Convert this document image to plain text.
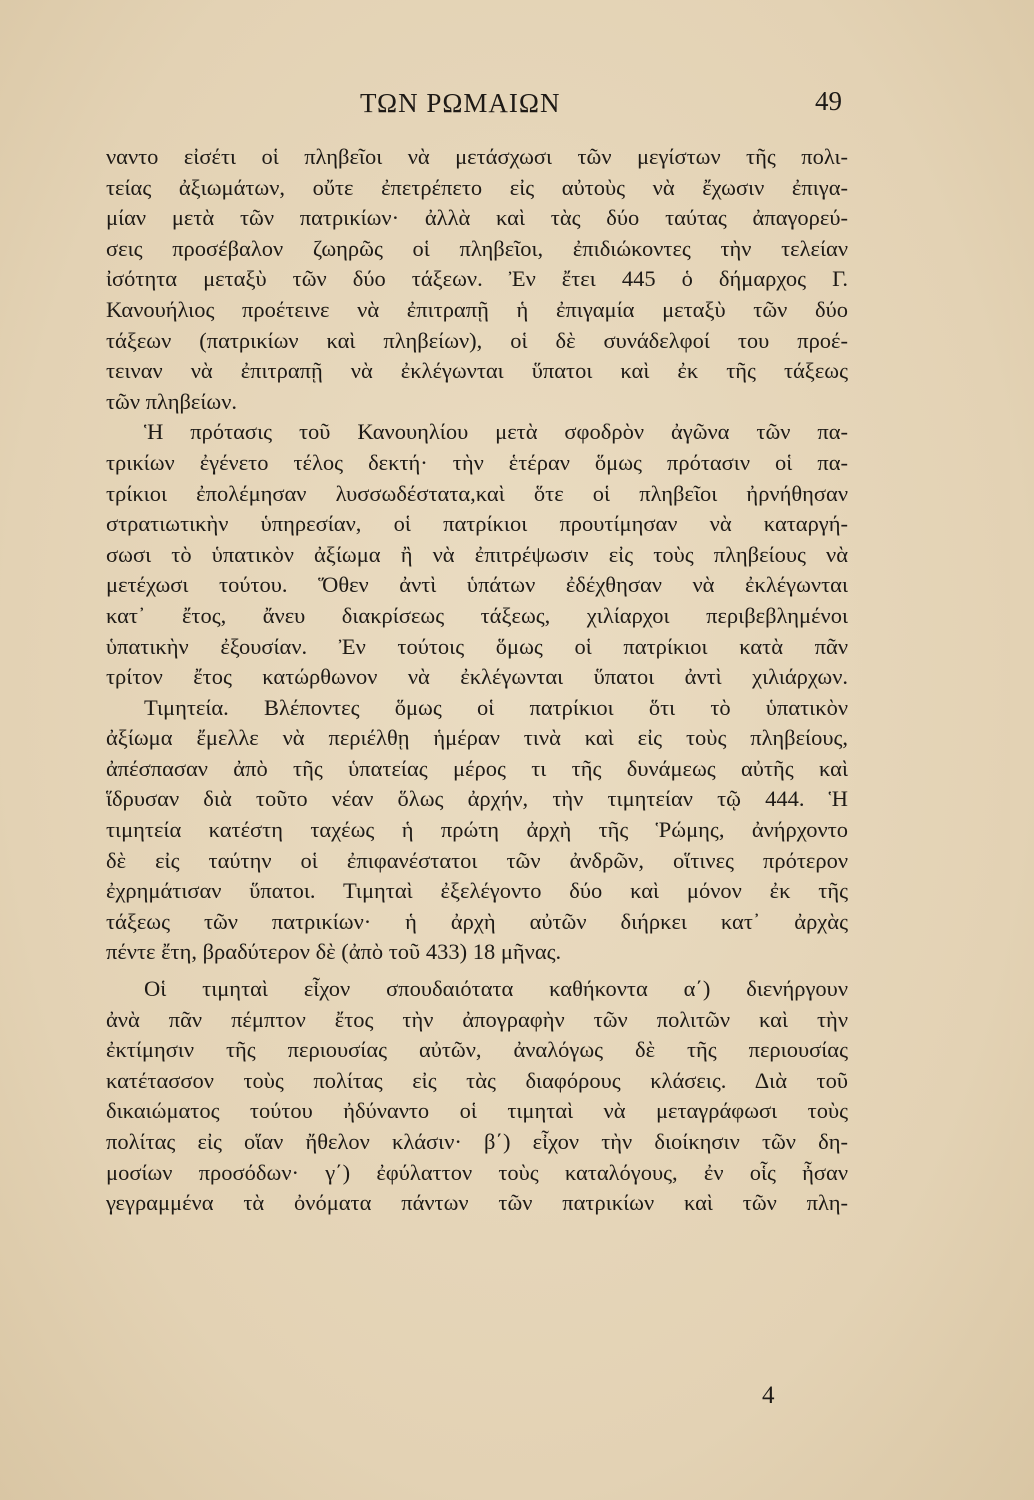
ΤΩΝ ΡΩΜΑΙΩΝ	49
ναντο εἰσέτι οἱ πληβεῖοι νὰ μετάσχωσι τῶν μεγίστων τῆς πολι-
τείας ἀξιωμάτων, οὔτε ἐπετρέπετο εἰς αὐτοὺς νὰ ἔχωσιν ἐπιγα-
μίαν μετὰ τῶν πατρικίων· ἀλλὰ καὶ τὰς δύο ταύτας ἀπαγορεύ-
σεις προσέβαλον ζωηρῶς οἱ πληβεῖοι, ἐπιδιώκοντες τὴν τελείαν
ἰσότητα μεταξὺ τῶν δύο τάξεων. Ἐν ἔτει 445 ὁ δήμαρχος Γ.
Κανουήλιος προέτεινε νὰ ἐπιτραπῇ ἡ ἐπιγαμία μεταξὺ τῶν δύο
τάξεων (πατρικίων καὶ πληβείων), οἱ δὲ συνάδελφοί του προέ-
τειναν νὰ ἐπιτραπῇ νὰ ἐκλέγωνται ὕπατοι καὶ ἐκ τῆς τάξεως
τῶν πληβείων.
Ἡ πρότασις τοῦ Κανουηλίου μετὰ σφοδρὸν ἀγῶνα τῶν πα-
τρικίων ἐγένετο τέλος δεκτή· τὴν ἑτέραν ὅμως πρότασιν οἱ πα-
τρίκιοι ἐπολέμησαν λυσσωδέστατα,καὶ ὅτε οἱ πληβεῖοι ἠρνήθησαν
στρατιωτικὴν ὑπηρεσίαν, οἱ πατρίκιοι προυτίμησαν νὰ καταργή-
σωσι τὸ ὑπατικὸν ἀξίωμα ἢ νὰ ἐπιτρέψωσιν εἰς τοὺς πληβείους νὰ
μετέχωσι τούτου. Ὅθεν ἀντὶ ὑπάτων ἐδέχθησαν νὰ ἐκλέγωνται
κατ᾽ ἔτος, ἄνευ διακρίσεως τάξεως, χιλίαρχοι περιβεβλημένοι
ὑπατικὴν ἐξουσίαν. Ἐν τούτοις ὅμως οἱ πατρίκιοι κατὰ πᾶν
τρίτον ἔτος κατώρθωνον νὰ ἐκλέγωνται ὕπατοι ἀντὶ χιλιάρχων.
Τιμητεία. Βλέποντες ὅμως οἱ πατρίκιοι ὅτι τὸ ὑπατικὸν
ἀξίωμα ἔμελλε νὰ περιέλθῃ ἡμέραν τινὰ καὶ εἰς τοὺς πληβείους,
ἀπέσπασαν ἀπὸ τῆς ὑπατείας μέρος τι τῆς δυνάμεως αὐτῆς καὶ
ἵδρυσαν διὰ τοῦτο νέαν ὅλως ἀρχήν, τὴν τιμητείαν τῷ 444. Ἡ
τιμητεία κατέστη ταχέως ἡ πρώτη ἀρχὴ τῆς Ῥώμης, ἀνήρχοντο
δὲ εἰς ταύτην οἱ ἐπιφανέστατοι τῶν ἀνδρῶν, οἵτινες πρότερον
ἐχρημάτισαν ὕπατοι. Τιμηταὶ ἐξελέγοντο δύο καὶ μόνον ἐκ τῆς
τάξεως τῶν πατρικίων· ἡ ἀρχὴ αὐτῶν διήρκει κατ᾽ ἀρχὰς
πέντε ἔτη, βραδύτερον δὲ (ἀπὸ τοῦ 433) 18 μῆνας.
Οἱ τιμηταὶ εἶχον σπουδαιότατα καθήκοντα α΄) διενήργουν
ἀνὰ πᾶν πέμπτον ἔτος τὴν ἀπογραφὴν τῶν πολιτῶν καὶ τὴν
ἐκτίμησιν τῆς περιουσίας αὐτῶν, ἀναλόγως δὲ τῆς περιουσίας
κατέτασσον τοὺς πολίτας εἰς τὰς διαφόρους κλάσεις. Διὰ τοῦ
δικαιώματος τούτου ἠδύναντο οἱ τιμηταὶ νὰ μεταγράφωσι τοὺς
πολίτας εἰς οἵαν ἤθελον κλάσιν· β΄) εἶχον τὴν διοίκησιν τῶν δη-
μοσίων προσόδων· γ΄) ἐφύλαττον τοὺς καταλόγους, ἐν οἷς ἦσαν
γεγραμμένα τὰ ὀνόματα πάντων τῶν πατρικίων καὶ τῶν πλη-
4
